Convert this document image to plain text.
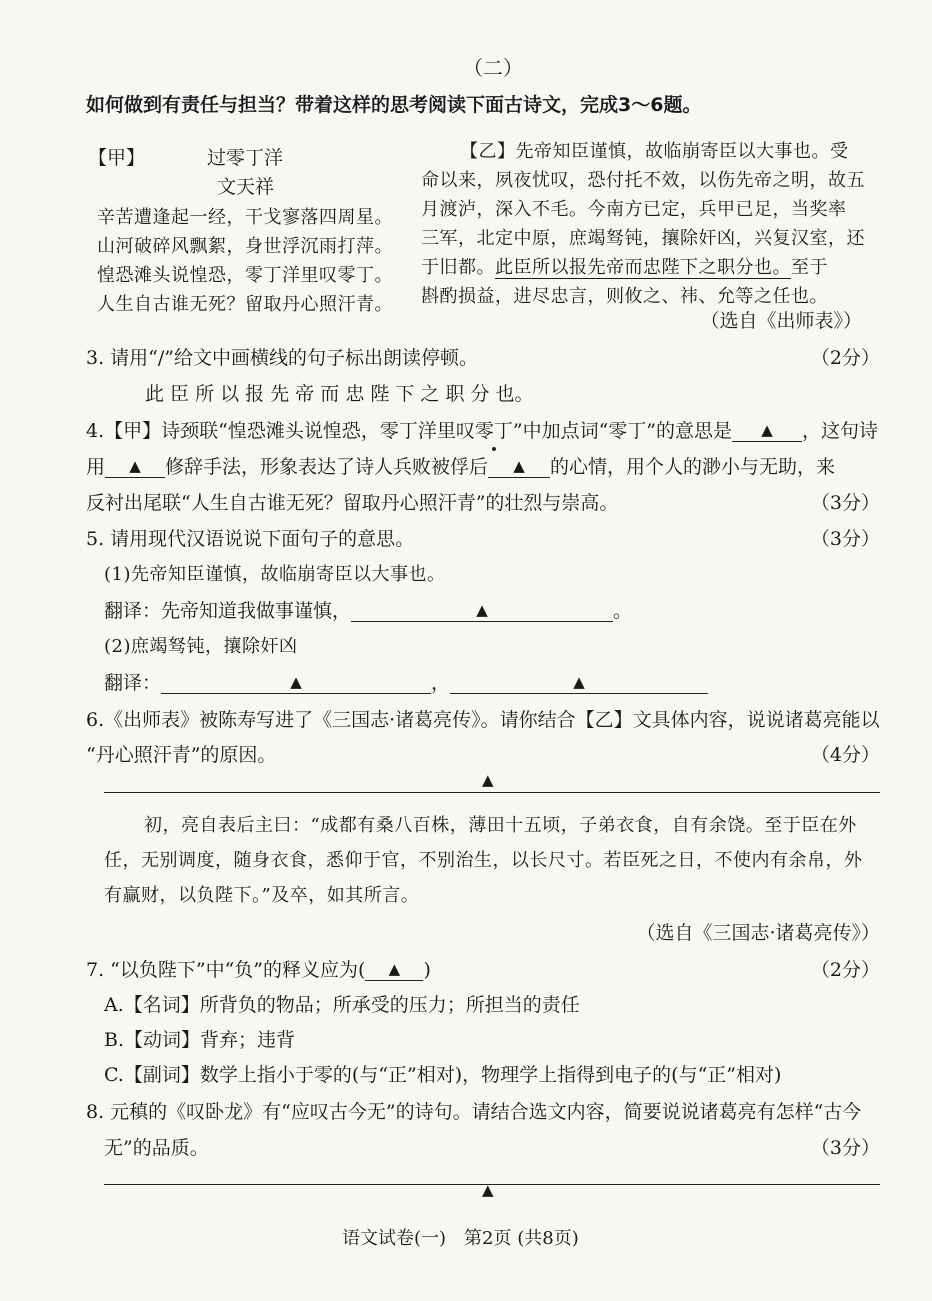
（二）
如何做到有责任与担当？带着这样的思考阅读下面古诗文，完成3～6题。
【甲】	过零丁洋
文天祥
辛苦遭逢起一经，干戈寥落四周星。
山河破碎风飘絮，身世浮沉雨打萍。
惶恐滩头说惶恐，零丁洋里叹零丁。
人生自古谁无死？留取丹心照汗青。
【乙】先帝知臣谨慎，故临崩寄臣以大事也。受
命以来，夙夜忧叹，恐付托不效，以伤先帝之明，故五
月渡泸，深入不毛。今南方已定，兵甲已足，当奖率
三军，北定中原，庶竭驽钝，攘除奸凶，兴复汉室，还
于旧都。此臣所以报先帝而忠陛下之职分也。至于
斟酌损益，进尽忠言，则攸之、祎、允等之任也。
（选自《出师表》）
3. 请用“/”给文中画横线的句子标出朗读停顿。	（2分）
此 臣 所 以 报 先 帝 而 忠 陛 下 之 职 分 也。
4.【甲】诗颈联“惶恐滩头说惶恐，零丁洋里叹零丁”中加点词“零丁”的意思是 ▲ ，这句诗
用 ▲ 修辞手法，形象表达了诗人兵败被俘后 ▲ 的心情，用个人的渺小与无助，来
反衬出尾联“人生自古谁无死？留取丹心照汗青”的壮烈与崇高。	（3分）
5. 请用现代汉语说说下面句子的意思。	（3分）
(1)先帝知臣谨慎，故临崩寄臣以大事也。
翻译：先帝知道我做事谨慎，	▲	。
(2)庶竭驽钝，攘除奸凶
翻译：	▲	，	▲
6.《出师表》被陈寿写进了《三国志·诸葛亮传》。请你结合【乙】文具体内容，说说诸葛亮能以
“丹心照汗青”的原因。	（4分）
▲
初，亮自表后主曰：“成都有桑八百株，薄田十五顷，子弟衣食，自有余饶。至于臣在外
任，无别调度，随身衣食，悉仰于官，不别治生，以长尺寸。若臣死之日，不使内有余帛，外
有赢财，以负陛下。”及卒，如其所言。
（选自《三国志·诸葛亮传》）
7. “以负陛下”中“负”的释义应为( ▲ )	（2分）
A.【名词】所背负的物品；所承受的压力；所担当的责任
B.【动词】背弃；违背
C.【副词】数学上指小于零的(与“正”相对)，物理学上指得到电子的(与“正”相对)
8. 元稹的《叹卧龙》有“应叹古今无”的诗句。请结合选文内容，简要说说诸葛亮有怎样“古今
无”的品质。	（3分）
▲
语文试卷(一)　第2页 (共8页)
